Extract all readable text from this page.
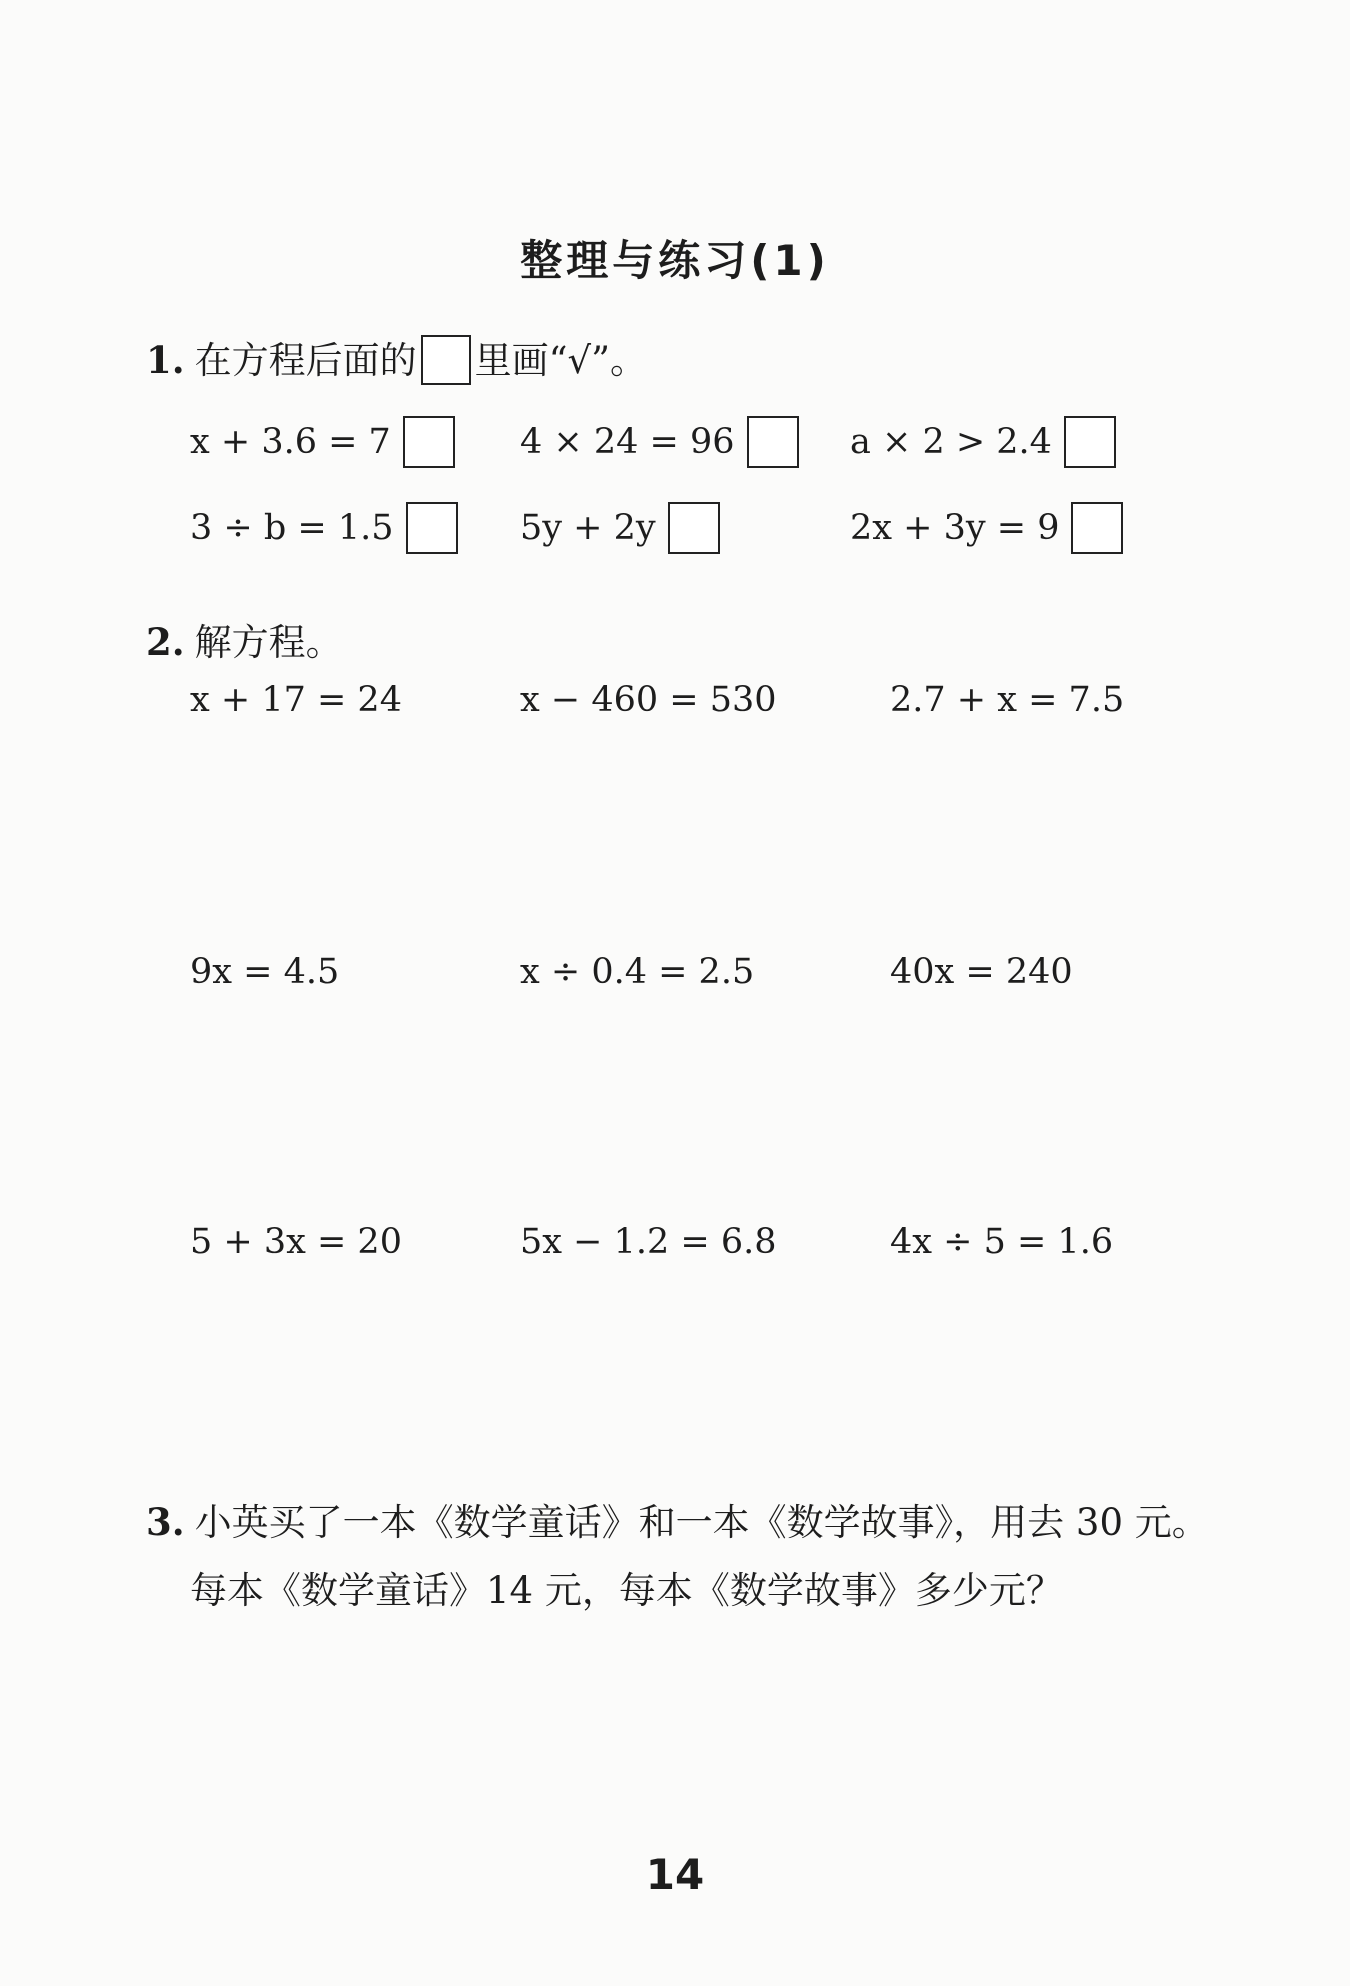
整理与练习(1)
1. 在方程后面的 里画“√”。
x + 3.6 = 7	4 × 24 = 96	a × 2 > 2.4
3 ÷ b = 1.5	5y + 2y	2x + 3y = 9
2. 解方程。
x + 17 = 24	x − 460 = 530	2.7 + x = 7.5
9x = 4.5	x ÷ 0.4 = 2.5	40x = 240
5 + 3x = 20	5x − 1.2 = 6.8	4x ÷ 5 = 1.6
3. 小英买了一本《数学童话》和一本《数学故事》，用去 30 元。
每本《数学童话》14 元，每本《数学故事》多少元？
14
